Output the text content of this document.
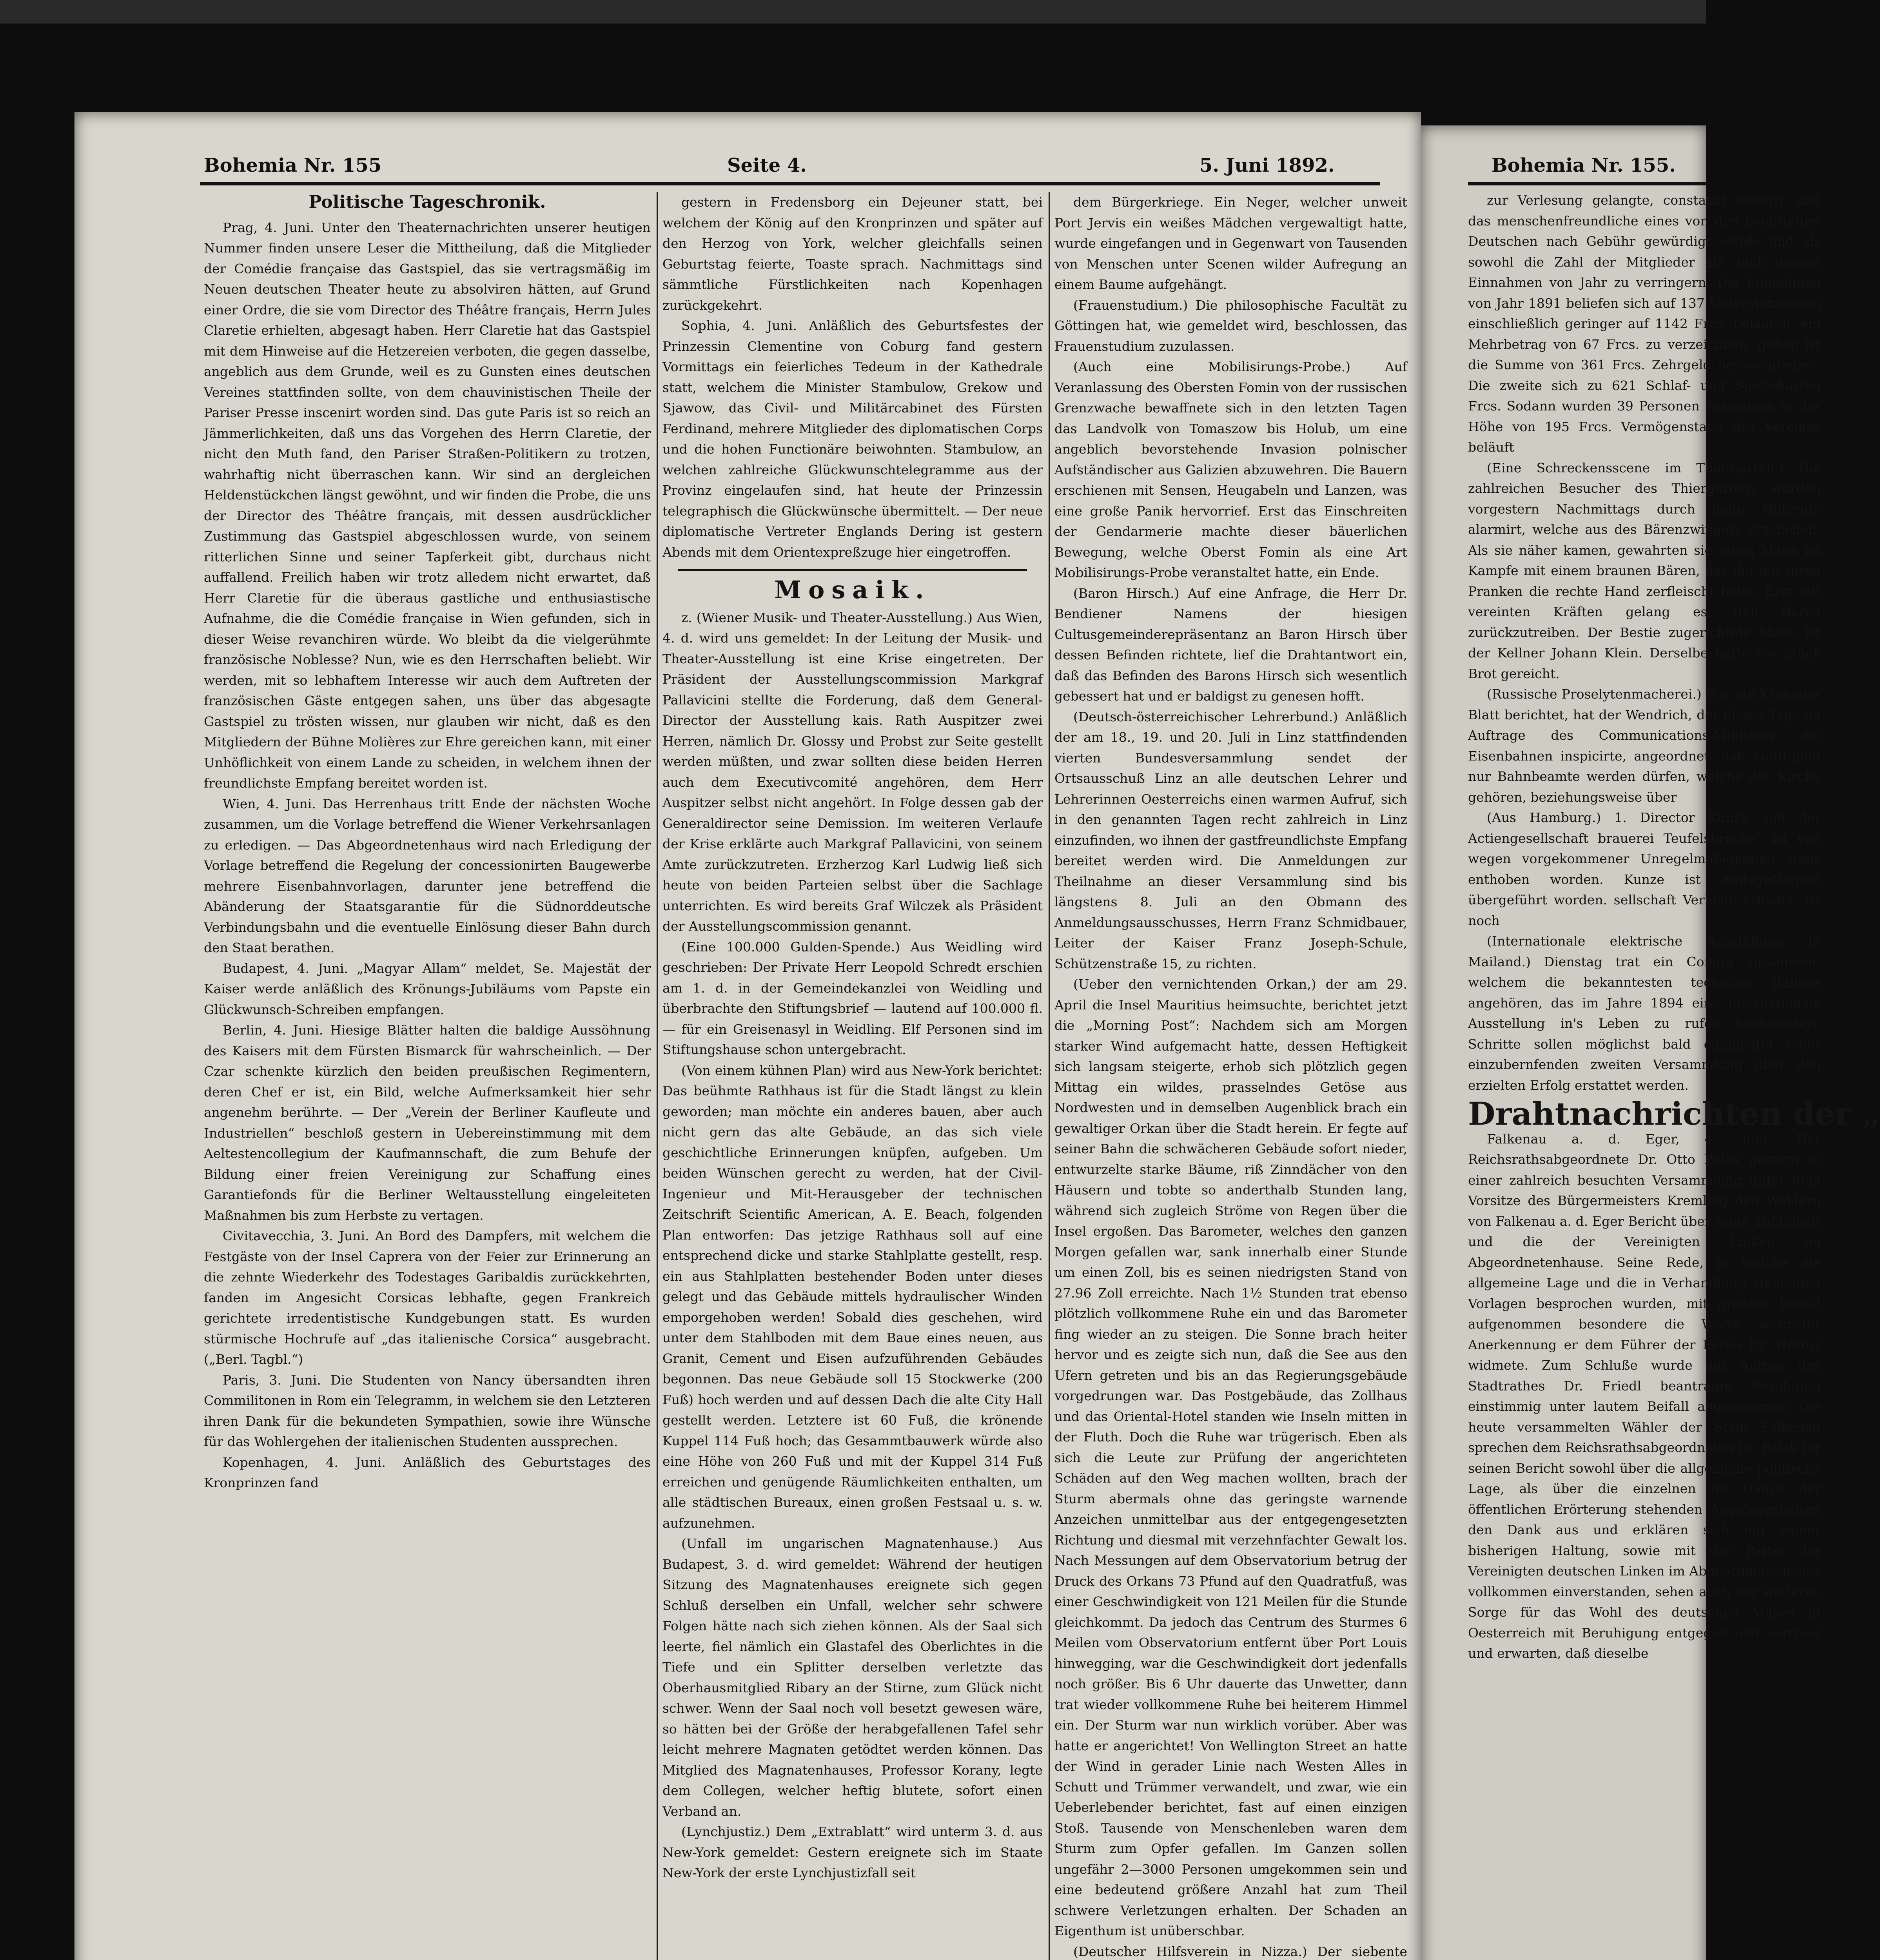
Bohemia Nr. 155	Seite 4.	5. Juni 1892.

Politische Tageschronik.

Prag, 4. Juni. Unter den Theaternachrichten unserer heutigen Nummer finden unsere Leser die Mittheilung, daß die Mitglieder der Comédie française das Gastspiel, das sie vertragsmäßig im Neuen deutschen Theater heute zu absolviren hätten, auf Grund einer Ordre, die sie vom Director des Théâtre français, Herrn Jules Claretie erhielten, abgesagt haben. Herr Claretie hat das Gastspiel mit dem Hinweise auf die Hetzereien verboten, die gegen dasselbe, angeblich aus dem Grunde, weil es zu Gunsten eines deutschen Vereines stattfinden sollte, von dem chauvinistischen Theile der Pariser Presse inscenirt worden sind. Das gute Paris ist so reich an Jämmerlichkeiten, daß uns das Vorgehen des Herrn Claretie, der nicht den Muth fand, den Pariser Straßen-Politikern zu trotzen, wahrhaftig nicht überraschen kann. Wir sind an dergleichen Heldenstückchen längst gewöhnt, und wir finden die Probe, die uns der Director des Théâtre français, mit dessen ausdrücklicher Zustimmung das Gastspiel abgeschlossen wurde, von seinem ritterlichen Sinne und seiner Tapferkeit gibt, durchaus nicht auffallend. Freilich haben wir trotz alledem nicht erwartet, daß Herr Claretie für die überaus gastliche und enthusiastische Aufnahme, die die Comédie française in Wien gefunden, sich in dieser Weise revanchiren würde. Wo bleibt da die vielgerühmte französische Noblesse? Nun, wie es den Herrschaften beliebt. Wir werden, mit so lebhaftem Interesse wir auch dem Auftreten der französischen Gäste entgegen sahen, uns über das abgesagte Gastspiel zu trösten wissen, nur glauben wir nicht, daß es den Mitgliedern der Bühne Molières zur Ehre gereichen kann, mit einer Unhöflichkeit von einem Lande zu scheiden, in welchem ihnen der freundlichste Empfang bereitet worden ist.

Wien, 4. Juni. Das Herrenhaus tritt Ende der nächsten Woche zusammen, um die Vorlage betreffend die Wiener Verkehrsanlagen zu erledigen. — Das Abgeordnetenhaus wird nach Erledigung der Vorlage betreffend die Regelung der concessionirten Baugewerbe mehrere Eisenbahnvorlagen, darunter jene betreffend die Abänderung der Staatsgarantie für die Südnorddeutsche Verbindungsbahn und die eventuelle Einlösung dieser Bahn durch den Staat berathen.

Budapest, 4. Juni. „Magyar Allam“ meldet, Se. Majestät der Kaiser werde anläßlich des Krönungs-Jubiläums vom Papste ein Glückwunsch-Schreiben empfangen.

Berlin, 4. Juni. Hiesige Blätter halten die baldige Aussöhnung des Kaisers mit dem Fürsten Bismarck für wahrscheinlich. — Der Czar schenkte kürzlich den beiden preußischen Regimentern, deren Chef er ist, ein Bild, welche Aufmerksamkeit hier sehr angenehm berührte. — Der „Verein der Berliner Kaufleute und Industriellen“ beschloß gestern in Uebereinstimmung mit dem Aeltestencollegium der Kaufmannschaft, die zum Behufe der Bildung einer freien Vereinigung zur Schaffung eines Garantiefonds für die Berliner Weltausstellung eingeleiteten Maßnahmen bis zum Herbste zu vertagen.

Civitavecchia, 3. Juni. An Bord des Dampfers, mit welchem die Festgäste von der Insel Caprera von der Feier zur Erinnerung an die zehnte Wiederkehr des Todestages Garibaldis zurückkehrten, fanden im Angesicht Corsicas lebhafte, gegen Frankreich gerichtete irredentistische Kundgebungen statt. Es wurden stürmische Hochrufe auf „das italienische Corsica“ ausgebracht. („Berl. Tagbl.“)

Paris, 3. Juni. Die Studenten von Nancy übersandten ihren Commilitonen in Rom ein Telegramm, in welchem sie den Letzteren ihren Dank für die bekundeten Sympathien, sowie ihre Wünsche für das Wohlergehen der italienischen Studenten aussprechen.

Kopenhagen, 4. Juni. Anläßlich des Geburtstages des Kronprinzen fand

gestern in Fredensborg ein Dejeuner statt, bei welchem der König auf den Kronprinzen und später auf den Herzog von York, welcher gleichfalls seinen Geburtstag feierte, Toaste sprach. Nachmittags sind sämmtliche Fürstlichkeiten nach Kopenhagen zurückgekehrt.

Sophia, 4. Juni. Anläßlich des Geburtsfestes der Prinzessin Clementine von Coburg fand gestern Vormittags ein feierliches Tedeum in der Kathedrale statt, welchem die Minister Stambulow, Grekow und Sjawow, das Civil- und Militärcabinet des Fürsten Ferdinand, mehrere Mitglieder des diplomatischen Corps und die hohen Functionäre beiwohnten. Stambulow, an welchen zahlreiche Glückwunschtelegramme aus der Provinz eingelaufen sind, hat heute der Prinzessin telegraphisch die Glückwünsche übermittelt. — Der neue diplomatische Vertreter Englands Dering ist gestern Abends mit dem Orientexpreßzuge hier eingetroffen.

Mosaik.

z. (Wiener Musik- und Theater-Ausstellung.) Aus Wien, 4. d. wird uns gemeldet: In der Leitung der Musik- und Theater-Ausstellung ist eine Krise eingetreten. Der Präsident der Ausstellungscommission Markgraf Pallavicini stellte die Forderung, daß dem General-Director der Ausstellung kais. Rath Auspitzer zwei Herren, nämlich Dr. Glossy und Probst zur Seite gestellt werden müßten, und zwar sollten diese beiden Herren auch dem Executivcomité angehören, dem Herr Auspitzer selbst nicht angehört. In Folge dessen gab der Generaldirector seine Demission. Im weiteren Verlaufe der Krise erklärte auch Markgraf Pallavicini, von seinem Amte zurückzutreten. Erzherzog Karl Ludwig ließ sich heute von beiden Parteien selbst über die Sachlage unterrichten. Es wird bereits Graf Wilczek als Präsident der Ausstellungscommission genannt.

(Eine 100.000 Gulden-Spende.) Aus Weidling wird geschrieben: Der Private Herr Leopold Schredt erschien am 1. d. in der Gemeindekanzlei von Weidling und überbrachte den Stiftungsbrief — lautend auf 100.000 fl. — für ein Greisenasyl in Weidling. Elf Personen sind im Stiftungshause schon untergebracht.

(Von einem kühnen Plan) wird aus New-York berichtet: Das beühmte Rathhaus ist für die Stadt längst zu klein geworden; man möchte ein anderes bauen, aber auch nicht gern das alte Gebäude, an das sich viele geschichtliche Erinnerungen knüpfen, aufgeben. Um beiden Wünschen gerecht zu werden, hat der Civil-Ingenieur und Mit-Herausgeber der technischen Zeitschrift Scientific American, A. E. Beach, folgenden Plan entworfen: Das jetzige Rathhaus soll auf eine entsprechend dicke und starke Stahlplatte gestellt, resp. ein aus Stahlplatten bestehender Boden unter dieses gelegt und das Gebäude mittels hydraulischer Winden emporgehoben werden! Sobald dies geschehen, wird unter dem Stahlboden mit dem Baue eines neuen, aus Granit, Cement und Eisen aufzuführenden Gebäudes begonnen. Das neue Gebäude soll 15 Stockwerke (200 Fuß) hoch werden und auf dessen Dach die alte City Hall gestellt werden. Letztere ist 60 Fuß, die krönende Kuppel 114 Fuß hoch; das Gesammtbauwerk würde also eine Höhe von 260 Fuß und mit der Kuppel 314 Fuß erreichen und genügende Räumlichkeiten enthalten, um alle städtischen Bureaux, einen großen Festsaal u. s. w. aufzunehmen.

(Unfall im ungarischen Magnatenhause.) Aus Budapest, 3. d. wird gemeldet: Während der heutigen Sitzung des Magnatenhauses ereignete sich gegen Schluß derselben ein Unfall, welcher sehr schwere Folgen hätte nach sich ziehen können. Als der Saal sich leerte, fiel nämlich ein Glastafel des Oberlichtes in die Tiefe und ein Splitter derselben verletzte das Oberhausmitglied Ribary an der Stirne, zum Glück nicht schwer. Wenn der Saal noch voll besetzt gewesen wäre, so hätten bei der Größe der herabgefallenen Tafel sehr leicht mehrere Magnaten getödtet werden können. Das Mitglied des Magnatenhauses, Professor Korany, legte dem Collegen, welcher heftig blutete, sofort einen Verband an.

(Lynchjustiz.) Dem „Extrablatt“ wird unterm 3. d. aus New-York gemeldet: Gestern ereignete sich im Staate New-York der erste Lynchjustizfall seit

dem Bürgerkriege. Ein Neger, welcher unweit Port Jervis ein weißes Mädchen vergewaltigt hatte, wurde eingefangen und in Gegenwart von Tausenden von Menschen unter Scenen wilder Aufregung an einem Baume aufgehängt.

(Frauenstudium.) Die philosophische Facultät zu Göttingen hat, wie gemeldet wird, beschlossen, das Frauenstudium zuzulassen.

(Auch eine Mobilisirungs-Probe.) Auf Veranlassung des Obersten Fomin von der russischen Grenzwache bewaffnete sich in den letzten Tagen das Landvolk von Tomaszow bis Holub, um eine angeblich bevorstehende Invasion polnischer Aufständischer aus Galizien abzuwehren. Die Bauern erschienen mit Sensen, Heugabeln und Lanzen, was eine große Panik hervorrief. Erst das Einschreiten der Gendarmerie machte dieser bäuerlichen Bewegung, welche Oberst Fomin als eine Art Mobilisirungs-Probe veranstaltet hatte, ein Ende.

(Baron Hirsch.) Auf eine Anfrage, die Herr Dr. Bendiener Namens der hiesigen Cultusgemeinderepräsentanz an Baron Hirsch über dessen Befinden richtete, lief die Drahtantwort ein, daß das Befinden des Barons Hirsch sich wesentlich gebessert hat und er baldigst zu genesen hofft.

(Deutsch-österreichischer Lehrerbund.) Anläßlich der am 18., 19. und 20. Juli in Linz stattfindenden vierten Bundesversammlung sendet der Ortsausschuß Linz an alle deutschen Lehrer und Lehrerinnen Oesterreichs einen warmen Aufruf, sich in den genannten Tagen recht zahlreich in Linz einzufinden, wo ihnen der gastfreundlichste Empfang bereitet werden wird. Die Anmeldungen zur Theilnahme an dieser Versammlung sind bis längstens 8. Juli an den Obmann des Anmeldungsausschusses, Herrn Franz Schmidbauer, Leiter der Kaiser Franz Joseph-Schule, Schützenstraße 15, zu richten.

(Ueber den vernichtenden Orkan,) der am 29. April die Insel Mauritius heimsuchte, berichtet jetzt die „Morning Post“: Nachdem sich am Morgen starker Wind aufgemacht hatte, dessen Heftigkeit sich langsam steigerte, erhob sich plötzlich gegen Mittag ein wildes, prasselndes Getöse aus Nordwesten und in demselben Augenblick brach ein gewaltiger Orkan über die Stadt herein. Er fegte auf seiner Bahn die schwächeren Gebäude sofort nieder, entwurzelte starke Bäume, riß Zinndächer von den Häusern und tobte so anderthalb Stunden lang, während sich zugleich Ströme von Regen über die Insel ergoßen. Das Barometer, welches den ganzen Morgen gefallen war, sank innerhalb einer Stunde um einen Zoll, bis es seinen niedrigsten Stand von 27.96 Zoll erreichte. Nach 1½ Stunden trat ebenso plötzlich vollkommene Ruhe ein und das Barometer fing wieder an zu steigen. Die Sonne brach heiter hervor und es zeigte sich nun, daß die See aus den Ufern getreten und bis an das Regierungsgebäude vorgedrungen war. Das Postgebäude, das Zollhaus und das Oriental-Hotel standen wie Inseln mitten in der Fluth. Doch die Ruhe war trügerisch. Eben als sich die Leute zur Prüfung der angerichteten Schäden auf den Weg machen wollten, brach der Sturm abermals ohne das geringste warnende Anzeichen unmittelbar aus der entgegengesetzten Richtung und diesmal mit verzehnfachter Gewalt los. Nach Messungen auf dem Observatorium betrug der Druck des Orkans 73 Pfund auf den Quadratfuß, was einer Geschwindigkeit von 121 Meilen für die Stunde gleichkommt. Da jedoch das Centrum des Sturmes 6 Meilen vom Observatorium entfernt über Port Louis hinwegging, war die Geschwindigkeit dort jedenfalls noch größer. Bis 6 Uhr dauerte das Unwetter, dann trat wieder vollkommene Ruhe bei heiterem Himmel ein. Der Sturm war nun wirklich vorüber. Aber was hatte er angerichtet! Von Wellington Street an hatte der Wind in gerader Linie nach Westen Alles in Schutt und Trümmer verwandelt, und zwar, wie ein Ueberlebender berichtet, fast auf einen einzigen Stoß. Tausende von Menschenleben waren dem Sturm zum Opfer gefallen. Im Ganzen sollen ungefähr 2—3000 Personen umgekommen sein und eine bedeutend größere Anzahl hat zum Theil schwere Verletzungen erhalten. Der Schaden an Eigenthum ist unüberschbar.

(Deutscher Hilfsverein in Nizza.) Der siebente

Bohemia Nr. 155.

zur Verlesung gelangte, constatirt bauern, daß das menschenfreundliche eines von den bemittelten Deutschen nach Gebühr gewürdigt werde und als sowohl die Zahl der Mitglieder als auch dessen Einnahmen von Jahr zu verringern. Die Einnahmen von Jahr 1891 beliefen sich auf 137 Unterstützungen einschließlich geringer auf 1142 Frcs. belaufen, ein Mehrbetrag von 67 Frcs. zu verzeichnen; gaben ist die Summe von 361 Frcs. Zehrgeld hervorzuheben. Die zweite sich zu 621 Schlaf- und Speisekarten Frcs. Sodann wurden 39 Personen zusammen in der Höhe von 195 Frcs. Vermögenstand des Vereines beläuft

(Eine Schreckensscene im Thiergarten.) Die zahlreichen Besucher des Thiergartens wurden vorgestern Nachmittags durch laute Hilferufe alarmirt, welche aus des Bärenzwingers erschollen. Als sie näher kamen, gewahrten sie einen Mann im Kampfe mit einem braunen Bären, der ihn mit ihren Pranken die rechte Hand zerfleischt hatte. Erst mit vereinten Kräften gelang es, den Bären zurückzutreiben. Der Bestie zugerichtete Mann ist der Kellner Johann Klein. Derselbe hatte ein Stück Brot gereicht.

(Russische Proselytenmacherei.) Wie ein Krakauer Blatt berichtet, hat der Wendrich, der dieser Tage im Auftrage des Communications-Ministers die Eisenbahnen inspicirte, angeordnet, daß künftighin nur Bahnbeamte werden dürfen, welche der Kirche gehören, beziehungsweise über

(Aus Hamburg.) 1. Director Kunze von der Actiengesellschaft brauerei Teufelsbrücke“ ist von wegen vorgekommener Unregelmäßigkeiten stens enthoben worden. Kunze ist Amtsgefängniß übergeführt worden. sellschaft Verluste erleidet, ist noch

(Internationale elektrische Ausstellung in Mailand.) Dienstag trat ein Comité zusammen, welchem die bekanntesten techniker Italiens angehören, das im Jahre 1894 eine internationale Ausstellung in's Leben zu rufen beabsichtigt. Schritte sollen möglichst bald eingeleitet einer einzubernfenden zweiten Versammlung über den erzielten Erfolg erstattet werden.

Drahtnachrichten der „

Falkenau a. d. Eger, 4. Juni. Der Reichsrathsabgeordnete Dr. Otto Polak gestern in einer zahlreich besuchten Versammlung unter dem Vorsitze des Bürgermeisters Kremling den Wählern von Falkenau a. d. Eger Bericht über seine Thätigkeit und die der Vereinigten Linken im Abgeordnetenhause. Seine Rede, in welche die allgemeine Lage und die in Verhandlung stehenden Vorlagen besprochen wurden, mit großem Beifall aufgenommen besondere die Worte wärmster Anerkennung er dem Führer der Partei Dr. Herbst widmete. Zum Schluße wurde auf Antrag des Stadtrathes Dr. Friedl beantragte Resolution einstimmig unter lautem Beifall angenommen: Die heute versammelten Wähler der Stadt Falkenau sprechen dem Reichsrathsabgeordneten Dr. Polak für seinen Bericht sowohl über die allgemeine politische Lage, als über die einzelnen im Hause der öffentlichen Erörterung stehenden Angelegenheiten den Dank aus und erklären sich mit seiner bisherigen Haltung, sowie mit der Partei der Vereinigten deutschen Linken im Abgeordnetenhause vollkommen einverstanden, sehen auch der weiteren Sorge für das Wohl des deutschen Volkes in Oesterreich mit Beruhigung entgegen und vertraut und erwarten, daß dieselbe
